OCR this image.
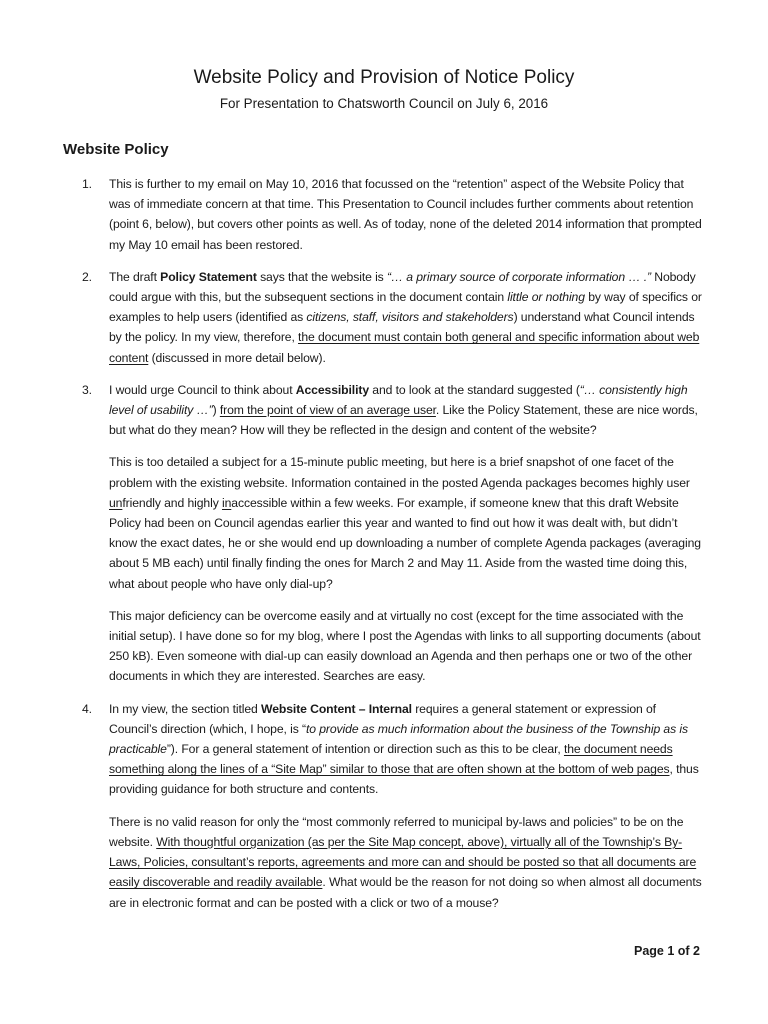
Website Policy and Provision of Notice Policy
For Presentation to Chatsworth Council on July 6, 2016
Website Policy
1. This is further to my email on May 10, 2016 that focussed on the “retention” aspect of the Website Policy that was of immediate concern at that time. This Presentation to Council includes further comments about retention (point 6, below), but covers other points as well. As of today, none of the deleted 2014 information that prompted my May 10 email has been restored.

2. The draft Policy Statement says that the website is “… a primary source of corporate information … .” Nobody could argue with this, but the subsequent sections in the document contain little or nothing by way of specifics or examples to help users (identified as citizens, staff, visitors and stakeholders) understand what Council intends by the policy. In my view, therefore, the document must contain both general and specific information about web content (discussed in more detail below).

3. I would urge Council to think about Accessibility and to look at the standard suggested (“… consistently high level of usability …”) from the point of view of an average user. Like the Policy Statement, these are nice words, but what do they mean? How will they be reflected in the design and content of the website?

This is too detailed a subject for a 15-minute public meeting, but here is a brief snapshot of one facet of the problem with the existing website. Information contained in the posted Agenda packages becomes highly user unfriendly and highly inaccessible within a few weeks. For example, if someone knew that this draft Website Policy had been on Council agendas earlier this year and wanted to find out how it was dealt with, but didn’t know the exact dates, he or she would end up downloading a number of complete Agenda packages (averaging about 5 MB each) until finally finding the ones for March 2 and May 11. Aside from the wasted time doing this, what about people who have only dial-up?

This major deficiency can be overcome easily and at virtually no cost (except for the time associated with the initial setup). I have done so for my blog, where I post the Agendas with links to all supporting documents (about 250 kB). Even someone with dial-up can easily download an Agenda and then perhaps one or two of the other documents in which they are interested. Searches are easy.

4. In my view, the section titled Website Content – Internal requires a general statement or expression of Council’s direction (which, I hope, is “to provide as much information about the business of the Township as is practicable”). For a general statement of intention or direction such as this to be clear, the document needs something along the lines of a “Site Map” similar to those that are often shown at the bottom of web pages, thus providing guidance for both structure and contents.

There is no valid reason for only the “most commonly referred to municipal by-laws and policies” to be on the website. With thoughtful organization (as per the Site Map concept, above), virtually all of the Township’s By-Laws, Policies, consultant’s reports, agreements and more can and should be posted so that all documents are easily discoverable and readily available. What would be the reason for not doing so when almost all documents are in electronic format and can be posted with a click or two of a mouse?

Page 1 of 2
